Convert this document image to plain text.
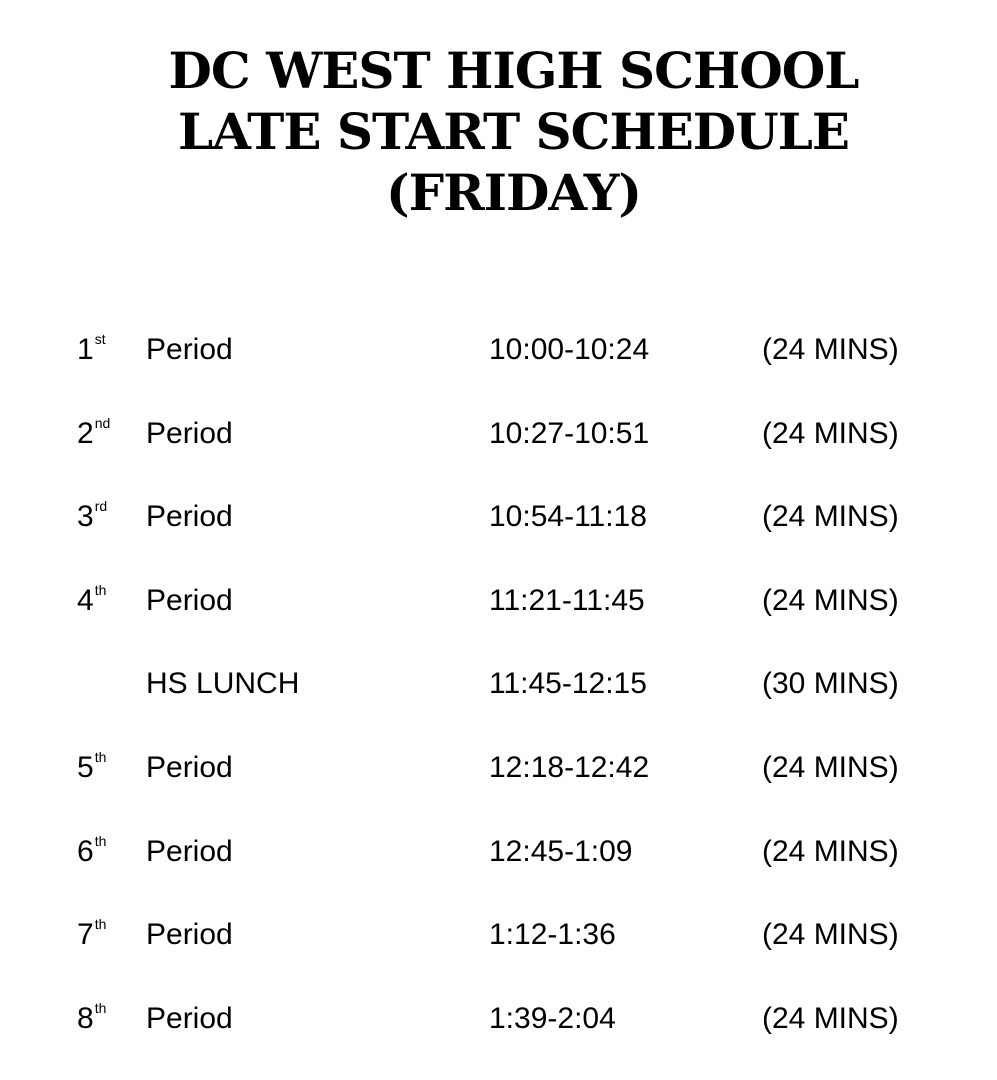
DC WEST HIGH SCHOOL
LATE START SCHEDULE
(FRIDAY)
1st Period	10:00-10:24	(24 MINS)
2nd Period	10:27-10:51	(24 MINS)
3rd Period	10:54-11:18	(24 MINS)
4th Period	11:21-11:45	(24 MINS)
HS LUNCH	11:45-12:15	(30 MINS)
5th Period	12:18-12:42	(24 MINS)
6th Period	12:45-1:09	(24 MINS)
7th Period	1:12-1:36	(24 MINS)
8th Period	1:39-2:04	(24 MINS)
